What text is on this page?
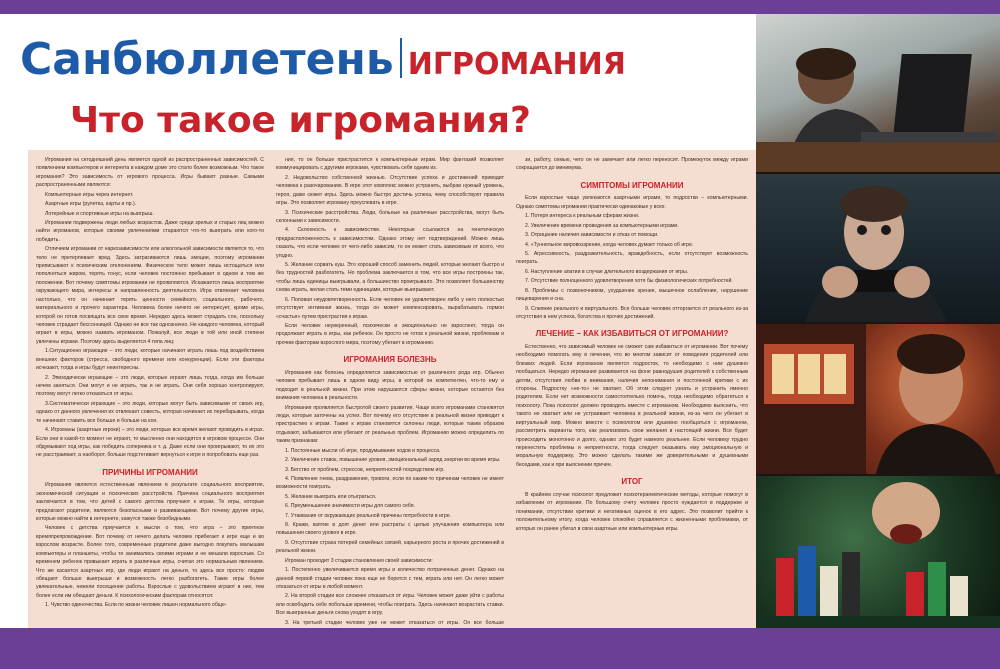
Санбюллетень ИГРОМАНИЯ
Что такое игромания?

Игромания на сегодняшний день является одной из распространенных зависимостей. С появлением компьютеров и интернета в каждом доме это стало более возможным. Что такое игромания? Это зависимость от игрового процесса. Игры бывают разные. Самыми распространенными являются:

Компьютерные игры через интернет.

Азартные игры (рулетка, карты и пр.).

Лотерейные и спортивные игры на выигрыш.

Игромании подвержены люди любых возрастов. Даже среди зрелых и старых лиц можно найти игроманов, которые своими увлечениями стараются что-то выиграть или кого-то победить.

Отличием игромании от наркозависимости или алкогольной зависимости является то, что тело не претерпевает вред. Здесь затрагиваются лишь эмоции, поэтому игромании приписывают к психическим отклонениям. Физическое тело может лишь истощаться или пополняться жиром, терять тонус, если человек постоянно пребывает в одном и том же положении. Вот почему симптомы игромании не проявляются. Искажается лишь восприятие окружающего мира, интересы и направленность деятельности. Игра отвлекает человека настолько, что он начинает терять ценности семейного, социального, рабочего, материального и прочего характера. Человека более ничего не интересует, кроме игры, которой он готов посвящать все свое время. Нередко здесь может страдать сон, поскольку человек страдает бессонницей. Однако не все так однозначно. Не каждого человека, который играет в игры, можно назвать игроманом. Пожалуй, все люди в той или иной степени увлечены играми. Поэтому здесь выделяется 4 типа лиц:

1.Ситуационно играющие – это люди, которые начинают играть лишь под воздействием внешних факторов (стресса, свободного времени или конкуренции). Если эти факторы исчезают, тогда и игры будут неинтересны.

2. Эпизодически играющие – это люди, которые играют лишь тогда, когда им больше нечем заняться. Они могут и не играть, так и не играть. Они себя хорошо контролируют, поэтому могут легко отказаться от игры.

3.Систематически играющие – это люди, которые могут быть зависимыми от своих игр, однако от данного увлечения их отвлекает совесть, которая начинает их перебарывать, когда те начинают ставить все больше и больше на кон.

4. Игроманы (азартные игроки) – это люди, которые все время желают проводить в играх. Если они в какой-то момент не играют, то мысленно они находятся в игровом процессе. Они обдумывают ход игры, как победить соперника и т. д. Даже если они проигрывают, то их это не расстраивает, а наоборот, больше подстегивает вернуться к игре и попробовать еще раз.

ПРИЧИНЫ ИГРОМАНИИ

Игромания является естественным явлением в результате социального восприятия, экономической ситуации и психических расстройств. Причина социального восприятия заключается в том, что детей с самого детства приучают к играм. Те игры, которые предлагают родители, являются безопасными и развивающими. Вот почему другие игры, которые можно найти в интернете, кажутся также безобидными.

Человек с детства приучается к мысли о том, что игра – это приятное времяпрепровождение. Вот почему от нечего делать человек прибегает к игре еще и во взрослом возрасте. Более того, современные родители даже выгодно покупать малышам компьютеры и планшеты, чтобы те занимались своими играми и не мешали взрослым. Со временем ребенок привыкает играть в различные игры, считая это нормальным явлением. Что же касается азартных игр, где люди играют на деньги, то здесь все просто: людям обещают больше выигрыши и возможность легко разбогатеть. Такие игры более увлекательные, нежели посещение работы. Взрослые с удовольствием играют в них, тем более если им обещают деньги. К психологическим факторам относятся:

1. Чувство одиночества. Если по жизни человек лишен нормального обще-

ния, то он больше пристрастится к компьютерным играм. Мир фантазий позволяет коммуницировать с другими игроками, чувствовать себя одним из.

2. Недовольство собственной жизнью. Отсутствие успеха и достижений приводит человека к разочарованию. В игре этот комплекс можно устранить, выбрав нужный уровень, героя, даже сюжет игры. Здесь можно быстро достичь успеха, чему способствуют правила игры. Это позволяет игроману преуспевать в игре.

3. Психические расстройства. Люди, больные на различные расстройства, могут быть склонными к зависимости.

4. Склонность к зависимостям. Некоторые ссылаются на генетическую предрасположенность к зависимостям. Однако этому нет подтверждений. Можно лишь сказать, что если человек от чего-либо зависим, то он может стать зависимым от всего, что угодно.

5. Желание сорвать куш. Это хороший способ заменить людей, которые желают быстро и без трудностей разбогатеть. Но проблема заключается в том, что все игры построены так, чтобы лишь единицы выигрывали, а большинство проигрывало. Это позволяет большинству снова играть, желая стать теми единицами, которые выигрывают.

6. Поповая неудовлетворенность. Если человек не удовлетворен либо у него полностью отсутствует интимная жизнь, тогда он может компенсировать, вырабатывать гормон «счастья» путем пристрастия к играм.

Если человек неуверенный, психически и эмоционально не взрослеет, тогда он продолжает играть в игры, как ребенок. Он просто не готов к реальной жизни, проблемам и прочим факторам взрослого мира, поэтому убегает в игроманию.

ИГРОМАНИЯ БОЛЕЗНЬ

Игромания как болезнь определяется зависимостью от различного рода игр. Обычно человек пребывает лишь в одном виду игры, в которой он компетентен, что-то ему и подходит в реальной жизни. При этом нарушаются сферы жизни, которые остаются без внимания человека в реальности.

Игромания проявляется быстротой своего развития. Чаще всего игроманами становятся люди, которые заточены на успех. Вот почему его отсутствие в реальной жизни приводит к пристрастию к играм. Также к играм становятся склонны люди, которые таким образом отдыхают, забываются или убегают от реальных проблем. Игроманию можно определить по таким признакам:

1. Постоянные мысли об игре, продумывание ходов и процесса.

2. Увеличение ставок, повышение уровня, эмоциональный заряд энергии во время игры.

3. Бегство от проблем, стрессов, неприятностей посредством игр.

4. Появление гнева, раздражения, тревоги, если по каким-то причинам человек не имеет возможности поиграть.

5. Желание выиграть или отыграться.

6. Преуменьшение значимости игры для самого себя.

7. Утаивание от окружающих реальной причины потребности в игре.

8. Кражи, взятие в долг денег или растраты с целью улучшения компьютера или повышения своего уровня в игре.

9. Отсутствие страха потерей семейных связей, карьерного роста и прочих достижений в реальной жизни.

Игроман проходит 3 стадии становления своей зависимости:

1. Постепенно увеличивается время игры и количество потраченных денег. Однако на данной первой стадии человек пока еще не борется с тем, играть или нет. Он легко может отказаться от игры в любой момент.

2. На второй стадии все сложнее отказаться от игры. Человек может даже уйти с работы или освободить себе побольше времени, чтобы поиграть. Здесь начинают возрастать ставки. Все выигранные деньги снова уходят в игру.

3. На третьей стадии человек уже не может отказаться от игры. Он все больше

зи, работу, семью, чего он не замечает или легко переносит. Промежуток между играми сокращается до минимума.

СИМПТОМЫ ИГРОМАНИИ

Если взрослые чаще увлекаются азартными играми, то подростки – компьютерными. Однако симптомы игромании практически одинаковые у всех:

1. Потеря интереса к реальным сферам жизни.

2. Увеличение времени проведения за компьютерными играми.

3. Отрицание наличия зависимости и отказ от помощи.

4. «Туннельное мировоззрение, когда человек думает только об игре.

5. Агрессивность, раздражительность, враждебность, если отсутствует возможность поиграть.

6. Наступление апатии в случае длительного воздержания от игры.

7. Отсутствие полноценного удовлетворения хотя бы физиологических потребностей.

8. Проблемы с позвоночником, ухудшение зрения, мышечное ослабление, нарушение пищеварения и сна.

9. Слияние реального и виртуального. Все больше человек отторгается от реального из-за отсутствия в нем успеха, богатства и прочих достижений.

ЛЕЧЕНИЕ – КАК ИЗБАВИТЬСЯ ОТ ИГРОМАНИИ?

Естественно, что зависимый человек не сможет сам избавиться от игромании. Вот почему необходимо помогать ему в лечении, что во многом зависит от поведения родителей или близких людей. Если игроманом является подросток, то необходимо с ним душевно пообщаться. Нередко игромания развивается на фоне равнодушия родителей к собственным детям, отсутствия любви и внимания, наличия непонимания и постоянной критики с их стороны. Подростку «не-то» не хватает. Об этом следует узнать и устранить именно родителем. Если нет возможности самостоятельно помочь, тогда необходимо обратиться к психологу. Пока психолог должен проводить вместе с игроманом. Необходимо выяснить, что такого не хватает или не устраивает человека в реальной жизни, из-за чего он убегает в виртуальный мир. Можно вместе с психологом или душевно пообщаться с игроманом, рассмотреть варианты того, как реализовать свои желания в настоящей жизни. Все будет происходить монотонно и долго, однако это будет намного реальнее. Если человеку трудно перенестить проблемы и неприятности, тогда следует оказывать ему эмоциональную и моральную поддержку. Это можно сделать такими же доверительными и душевными беседами, как и при выяснении причин.

ИТОГ

В крайнем случае психолог предложит психотерапевтические методы, которые помогут в избавлении от игромании. По большому счету человек просто нуждается в поддержке и понимании, отсутствии критики и негативных оценок в его адрес. Это позволит прийти к положительному итогу, когда человек спокойно справляется с жизненными проблемами, от которых он ранее убегал в свои азартные или компьютерные игры.
